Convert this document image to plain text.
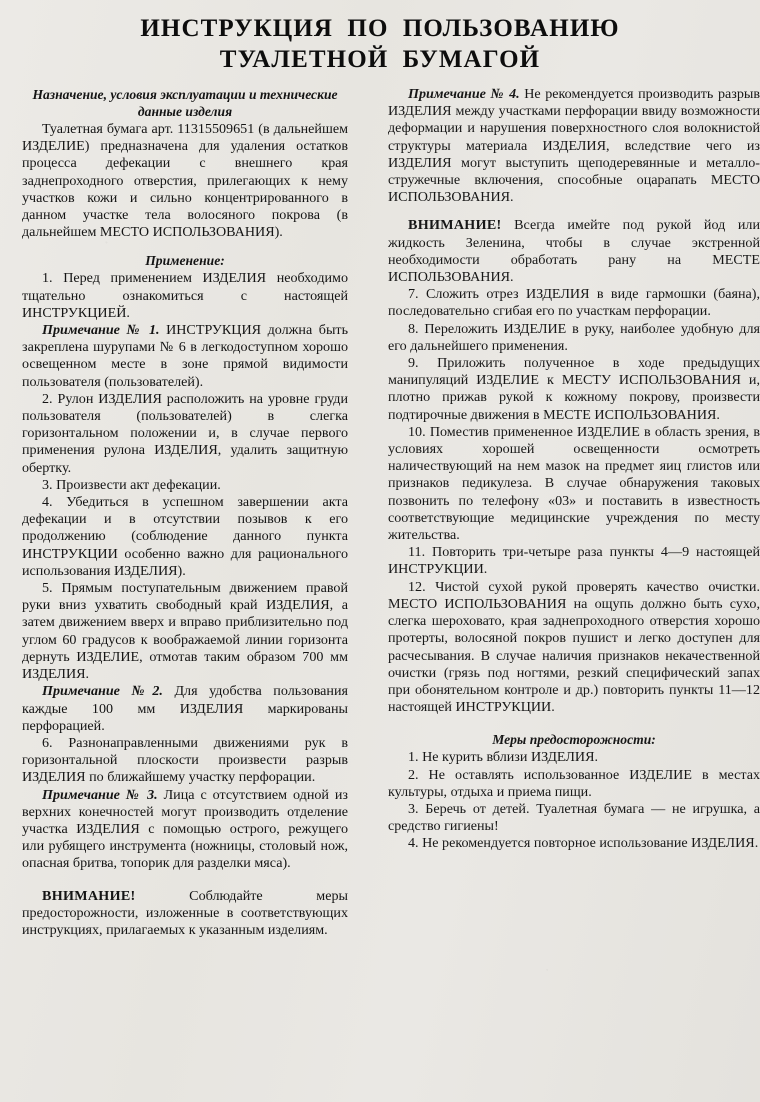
ИНСТРУКЦИЯ ПО ПОЛЬЗОВАНИЮ
ТУАЛЕТНОЙ БУМАГОЙ

Назначение, условия эксплуатации и технические данные изделия

Туалетная бумага арт. 11315509651 (в дальнейшем ИЗДЕЛИЕ) предназначена для удаления остатков процесса дефекации с внешнего края заднепроходного отверстия, прилегающих к нему участков кожи и сильно концентрированного в данном участке тела волосяного покрова (в дальнейшем МЕСТО ИСПОЛЬЗОВАНИЯ).

Применение:

1. Перед применением ИЗДЕЛИЯ необходимо тщательно ознакомиться с настоящей ИНСТРУКЦИЕЙ.

Примечание № 1. ИНСТРУКЦИЯ должна быть закреплена шурупами № 6 в легкодоступном хорошо освещенном месте в зоне прямой видимости пользователя (пользователей).

2. Рулон ИЗДЕЛИЯ расположить на уровне груди пользователя (пользователей) в слегка горизонтальном положении и, в случае первого применения рулона ИЗДЕЛИЯ, удалить защитную обертку.

3. Произвести акт дефекации.

4. Убедиться в успешном завершении акта дефекации и в отсутствии позывов к его продолжению (соблюдение данного пункта ИНСТРУКЦИИ особенно важно для рационального использования ИЗДЕЛИЯ).

5. Прямым поступательным движением правой руки вниз ухватить свободный край ИЗДЕЛИЯ, а затем движением вверх и вправо приблизительно под углом 60 градусов к воображаемой линии горизонта дернуть ИЗДЕЛИЕ, отмотав таким образом 700 мм ИЗДЕЛИЯ.

Примечание №2. Для удобства пользования каждые 100 мм ИЗДЕЛИЯ маркированы перфорацией.

6. Разнонаправленными движениями рук в горизонтальной плоскости произвести разрыв ИЗДЕЛИЯ по ближайшему участку перфорации.

Примечание № 3. Лица с отсутствием одной из верхних конечностей могут производить отделение участка ИЗДЕЛИЯ с помощью острого, режущего или рубящего инструмента (ножницы, столовый нож, опасная бритва, топорик для разделки мяса).

ВНИМАНИЕ! Соблюдайте меры предосторожности, изложенные в соответствующих инструкциях, прилагаемых к указанным изделиям.

Примечание № 4. Не рекомендуется производить разрыв ИЗДЕЛИЯ между участками перфорации ввиду возможности деформации и нарушения поверхностного слоя волокнистой структуры материала ИЗДЕЛИЯ, вследствие чего из ИЗДЕЛИЯ могут выступить щеподеревянные и металло-стружечные включения, способные оцарапать МЕСТО ИСПОЛЬЗОВАНИЯ.

ВНИМАНИЕ! Всегда имейте под рукой йод или жидкость Зеленина, чтобы в случае экстренной необходимости обработать рану на МЕСТЕ ИСПОЛЬЗОВАНИЯ.

7. Сложить отрез ИЗДЕЛИЯ в виде гармошки (баяна), последовательно сгибая его по участкам перфорации.

8. Переложить ИЗДЕЛИЕ в руку, наиболее удобную для его дальнейшего применения.

9. Приложить полученное в ходе предыдущих манипуляций ИЗДЕЛИЕ к МЕСТУ ИСПОЛЬЗОВАНИЯ и, плотно прижав рукой к кожному покрову, произвести подтирочные движения в МЕСТЕ ИСПОЛЬЗОВАНИЯ.

10. Поместив примененное ИЗДЕЛИЕ в область зрения, в условиях хорошей освещенности осмотреть наличествующий на нем мазок на предмет яиц глистов или признаков педикулеза. В случае обнаружения таковых позвонить по телефону «03» и поставить в известность соответствующие медицинские учреждения по месту жительства.

11. Повторить три-четыре раза пункты 4—9 настоящей ИНСТРУКЦИИ.

12. Чистой сухой рукой проверять качество очистки. МЕСТО ИСПОЛЬЗОВАНИЯ на ощупь должно быть сухо, слегка шероховато, края заднепроходного отверстия хорошо протерты, волосяной покров пушист и легко доступен для расчесывания. В случае наличия признаков некачественной очистки (грязь под ногтями, резкий специфический запах при обонятельном контроле и др.) повторить пункты 11—12 настоящей ИНСТРУКЦИИ.

Меры предосторожности:

1. Не курить вблизи ИЗДЕЛИЯ.

2. Не оставлять использованное ИЗДЕЛИЕ в местах культуры, отдыха и приема пищи.

3. Беречь от детей. Туалетная бумага — не игрушка, а средство гигиены!

4. Не рекомендуется повторное использование ИЗДЕЛИЯ.
